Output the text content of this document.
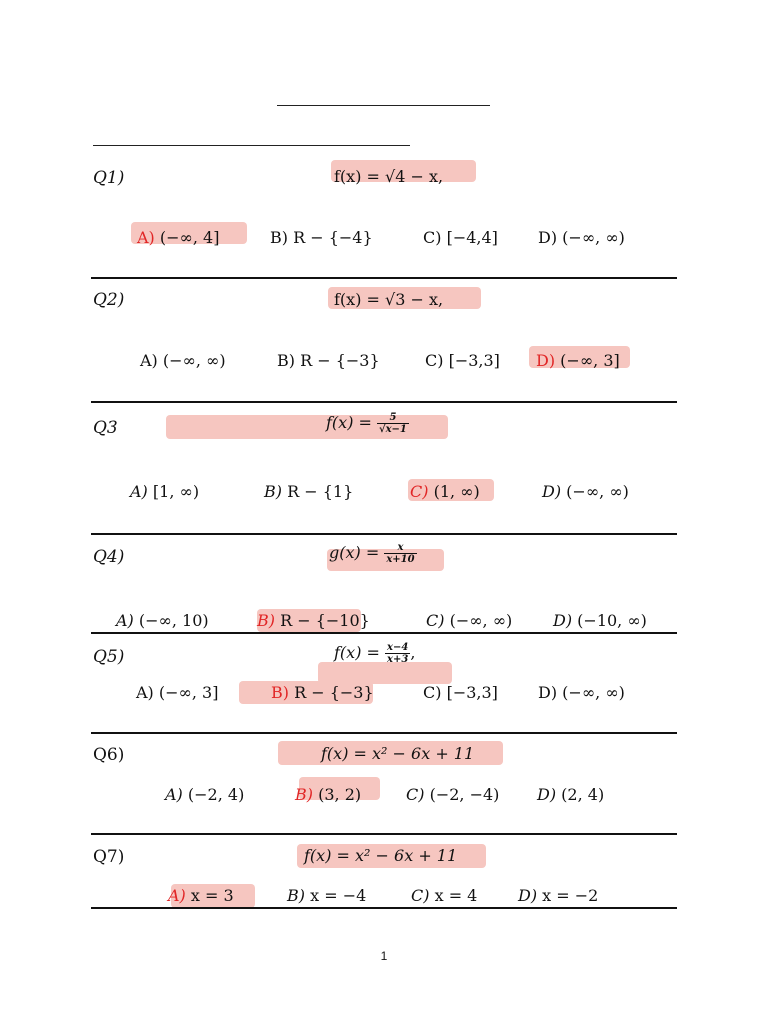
Q1)	f(x) = √4 − x,
A) (−∞, 4]	B) R − {−4}	C) [−4,4]	D) (−∞, ∞)
Q2)	f(x) = √3 − x,
A) (−∞, ∞)	B) R − {−3}	C) [−3,3] D) (−∞, 3]
Q3	$f(x) = \frac{5}{√x-1}$
A) [1, ∞)	B) R − {1}	C) (1, ∞)	D) (−∞, ∞)
Q4)	$g(x) = \frac{x}{x+10}$
A) (−∞, 10)	B) R − {−10}	C) (−∞, ∞)	D) (−10, ∞)
Q5)	$f(x) = \frac{x-4}{x+3}$ ,
A) (−∞, 3]	B) R − {−3}	C) [−3,3]	D) (−∞, ∞)
Q6)	f(x) = x² − 6x + 11
A) (−2, 4)	B) (3, 2)	C) (−2, −4) D) (2, 4)
Q7)	f(x) = x² − 6x + 11
A) x = 3	B) x = −4	C) x = 4	D) x = −2
1
